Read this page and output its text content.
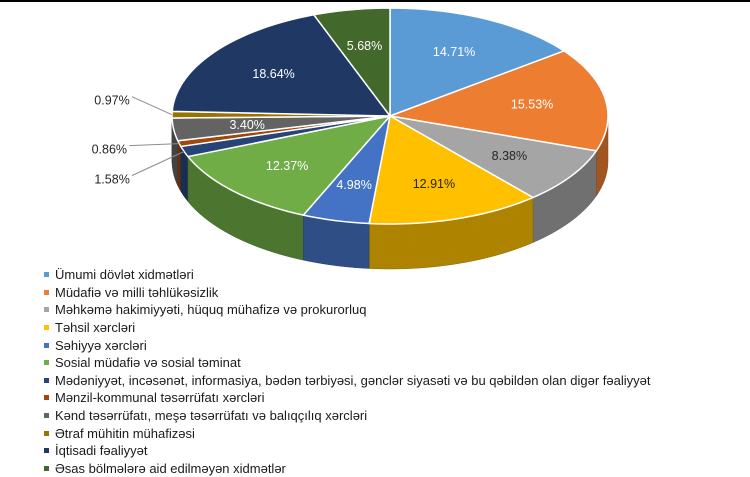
14.71%
15.53%
8.38%
12.91%
4.98%
12.37%
1.58%
0.86%
3.40%
0.97%
18.64%
5.68%
Ümumi dövlət xidmətləri
Müdafiə və milli təhlükəsizlik
Məhkəmə hakimiyyəti, hüquq mühafizə və prokurorluq
Təhsil xərcləri
Səhiyyə xərcləri
Sosial müdafiə və sosial təminat
Mədəniyyət, incəsənət, informasiya, bədən tərbiyəsi, gənclər siyasəti və bu qəbildən olan digər fəaliyyət
Mənzil-kommunal təsərrüfatı xərcləri
Kənd təsərrüfatı, meşə təsərrüfatı və balıqçılıq xərcləri
Ətraf mühitin mühafizəsi
İqtisadi fəaliyyət
Əsas bölmələrə aid edilməyən xidmətlər
